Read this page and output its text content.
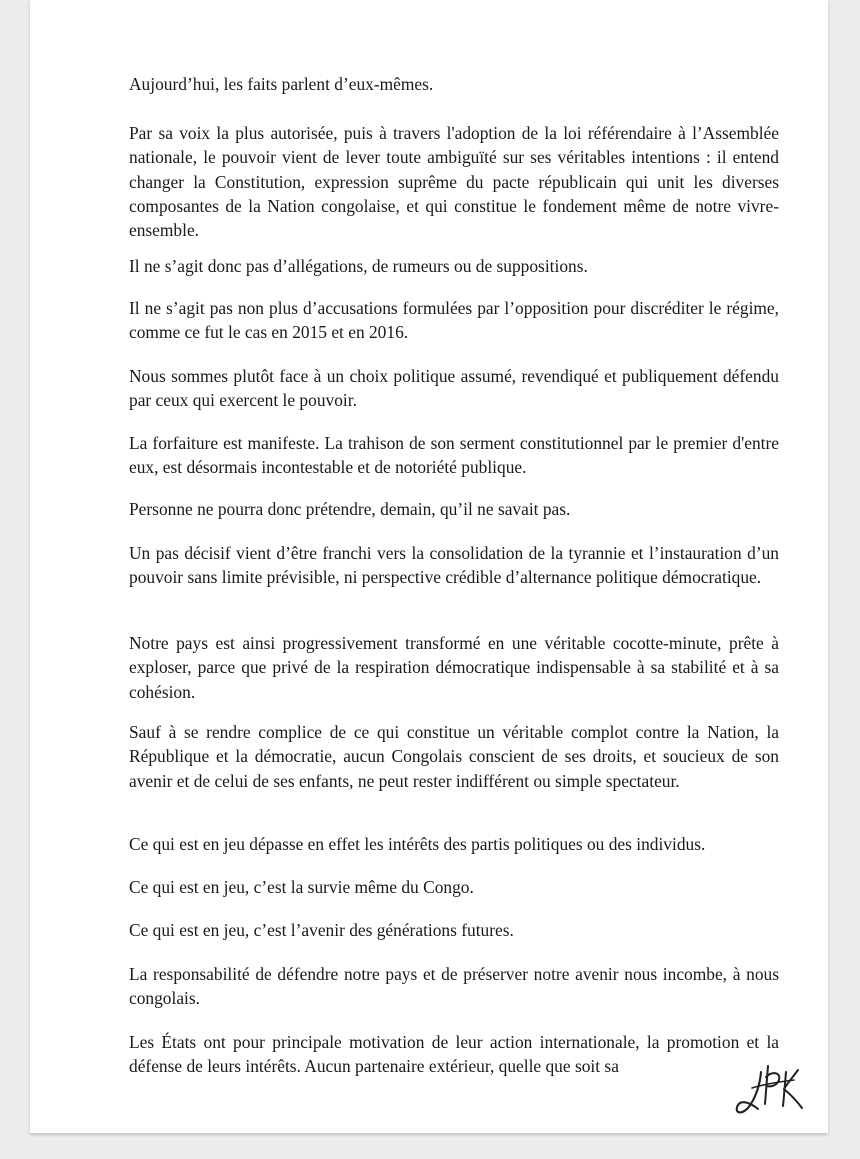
Aujourd’hui, les faits parlent d’eux-mêmes.

Par sa voix la plus autorisée, puis à travers l'adoption de la loi référendaire à l’Assemblée nationale, le pouvoir vient de lever toute ambiguïté sur ses véritables intentions : il entend changer la Constitution, expression suprême du pacte républicain qui unit les diverses composantes de la Nation congolaise, et qui constitue le fondement même de notre vivre-ensemble.

Il ne s’agit donc pas d’allégations, de rumeurs ou de suppositions.

Il ne s’agit pas non plus d’accusations formulées par l’opposition pour discréditer le régime, comme ce fut le cas en 2015 et en 2016.

Nous sommes plutôt face à un choix politique assumé, revendiqué et publiquement défendu par ceux qui exercent le pouvoir.

La forfaiture est manifeste. La trahison de son serment constitutionnel par le premier d'entre eux, est désormais incontestable et de notoriété publique.

Personne ne pourra donc prétendre, demain, qu’il ne savait pas.

Un pas décisif vient d’être franchi vers la consolidation de la tyrannie et l’instauration d’un pouvoir sans limite prévisible, ni perspective crédible d’alternance politique démocratique.

Notre pays est ainsi progressivement transformé en une véritable cocotte-minute, prête à exploser, parce que privé de la respiration démocratique indispensable à sa stabilité et à sa cohésion.

Sauf à se rendre complice de ce qui constitue un véritable complot contre la Nation, la République et la démocratie, aucun Congolais conscient de ses droits, et soucieux de son avenir et de celui de ses enfants, ne peut rester indifférent ou simple spectateur.

Ce qui est en jeu dépasse en effet les intérêts des partis politiques ou des individus.

Ce qui est en jeu, c’est la survie même du Congo.

Ce qui est en jeu, c’est l’avenir des générations futures.

La responsabilité de défendre notre pays et de préserver notre avenir nous incombe, à nous congolais.

Les États ont pour principale motivation de leur action internationale, la promotion et la défense de leurs intérêts. Aucun partenaire extérieur, quelle que soit sa
